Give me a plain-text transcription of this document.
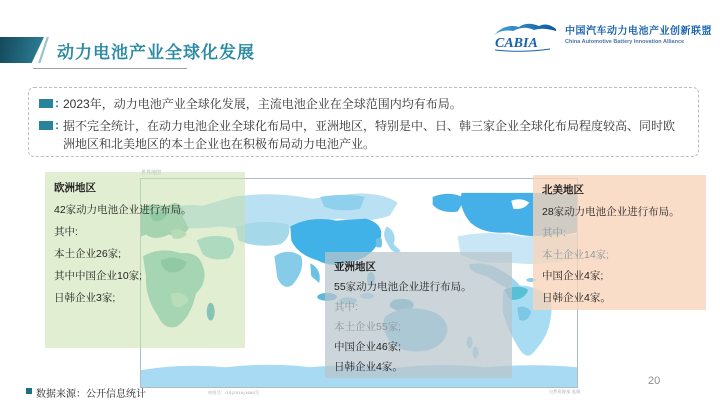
动力电池产业全球化发展	CABIA
中国汽车动力电池产业创新联盟
China Automotive Battery Innovation Alliance
: 2023年，动力电池产业全球化发展，主流电池企业在全球范围内均有布局。
: 据不完全统计，在动力电池企业全球化布局中，亚洲地区，特别是中、日、韩三家企业全球化布局程度较高、同时欧洲地区和北美地区的本土企业也在积极布局动力电池产业。
欧洲地区
42家动力电池企业进行布局。
其中:
本土企业26家;
其中中国企业10家;
日韩企业3家;
亚洲地区
55家动力电池企业进行布局。
其中:
本土企业55家;
中国企业46家;
日韩企业4家。
北美地区
28家动力电池企业进行布局。
其中:
本土企业14家;
中国企业4家;
日韩企业4家。
审图号：GS(2016)1666号	自然资源部 监制
数据来源：公开信息统计
20
